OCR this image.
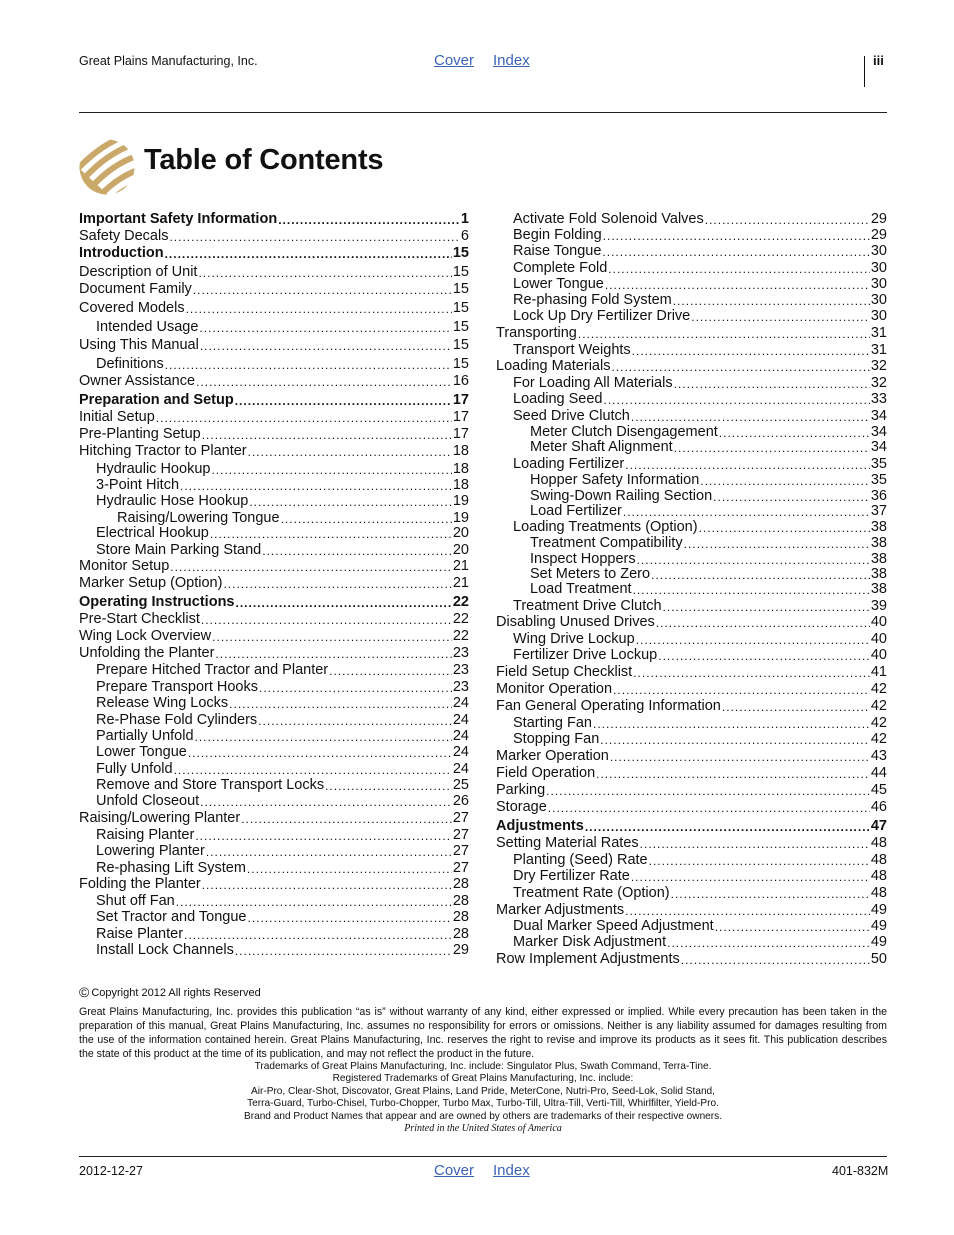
Great Plains Manufacturing, Inc.	Cover Index	iii
Table of Contents
Important Safety Information .....	1
Safety Decals .....	6
Introduction .....	15
Description of Unit .....	15
Document Family .....	15
Covered Models .....	15
Intended Usage .....	15
Using This Manual .....	15
Definitions .....	15
Owner Assistance .....	16
Preparation and Setup .....	17
Initial Setup .....	17
Pre-Planting Setup .....	17
Hitching Tractor to Planter .....	18
Hydraulic Hookup .....	18
3-Point Hitch .....	18
Hydraulic Hose Hookup .....	19
Raising/Lowering Tongue .....	19
Electrical Hookup .....	20
Store Main Parking Stand .....	20
Monitor Setup .....	21
Marker Setup (Option) .....	21
Operating Instructions .....	22
Pre-Start Checklist .....	22
Wing Lock Overview .....	22
Unfolding the Planter .....	23
Prepare Hitched Tractor and Planter .....	23
Prepare Transport Hooks .....	23
Release Wing Locks .....	24
Re-Phase Fold Cylinders .....	24
Partially Unfold .....	24
Lower Tongue .....	24
Fully Unfold .....	24
Remove and Store Transport Locks .....	25
Unfold Closeout .....	26
Raising/Lowering Planter .....	27
Raising Planter .....	27
Lowering Planter .....	27
Re-phasing Lift System .....	27
Folding the Planter .....	28
Shut off Fan .....	28
Set Tractor and Tongue .....	28
Raise Planter .....	28
Install Lock Channels .....	29
Activate Fold Solenoid Valves .....	29
Begin Folding .....	29
Raise Tongue .....	30
Complete Fold .....	30
Lower Tongue .....	30
Re-phasing Fold System .....	30
Lock Up Dry Fertilizer Drive .....	30
Transporting .....	31
Transport Weights .....	31
Loading Materials .....	32
For Loading All Materials .....	32
Loading Seed .....	33
Seed Drive Clutch .....	34
Meter Clutch Disengagement .....	34
Meter Shaft Alignment .....	34
Loading Fertilizer .....	35
Hopper Safety Information .....	35
Swing-Down Railing Section .....	36
Load Fertilizer .....	37
Loading Treatments (Option) .....	38
Treatment Compatibility .....	38
Inspect Hoppers .....	38
Set Meters to Zero .....	38
Load Treatment .....	38
Treatment Drive Clutch .....	39
Disabling Unused Drives .....	40
Wing Drive Lockup .....	40
Fertilizer Drive Lockup .....	40
Field Setup Checklist .....	41
Monitor Operation .....	42
Fan General Operating Information .....	42
Starting Fan .....	42
Stopping Fan .....	42
Marker Operation .....	43
Field Operation .....	44
Parking .....	45
Storage .....	46
Adjustments .....	47
Setting Material Rates .....	48
Planting (Seed) Rate .....	48
Dry Fertilizer Rate .....	48
Treatment Rate (Option) .....	48
Marker Adjustments .....	49
Dual Marker Speed Adjustment .....	49
Marker Disk Adjustment .....	49
Row Implement Adjustments .....	50
© Copyright 2012 All rights Reserved
Great Plains Manufacturing, Inc. provides this publication “as is” without warranty of any kind, either expressed or implied. While every precaution has been taken in the preparation of this manual, Great Plains Manufacturing, Inc. assumes no responsibility for errors or omissions. Neither is any liability assumed for damages resulting from the use of the information contained herein. Great Plains Manufacturing, Inc. reserves the right to revise and improve its products as it sees fit. This publication describes the state of this product at the time of its publication, and may not reflect the product in the future.
Trademarks of Great Plains Manufacturing, Inc. include: Singulator Plus, Swath Command, Terra-Tine.
Registered Trademarks of Great Plains Manufacturing, Inc. include:
Air-Pro, Clear-Shot, Discovator, Great Plains, Land Pride, MeterCone, Nutri-Pro, Seed-Lok, Solid Stand,
Terra-Guard, Turbo-Chisel, Turbo-Chopper, Turbo Max, Turbo-Till, Ultra-Till, Verti-Till, Whirlfilter, Yield-Pro.
Brand and Product Names that appear and are owned by others are trademarks of their respective owners.
Printed in the United States of America
2012-12-27	Cover Index	401-832M
